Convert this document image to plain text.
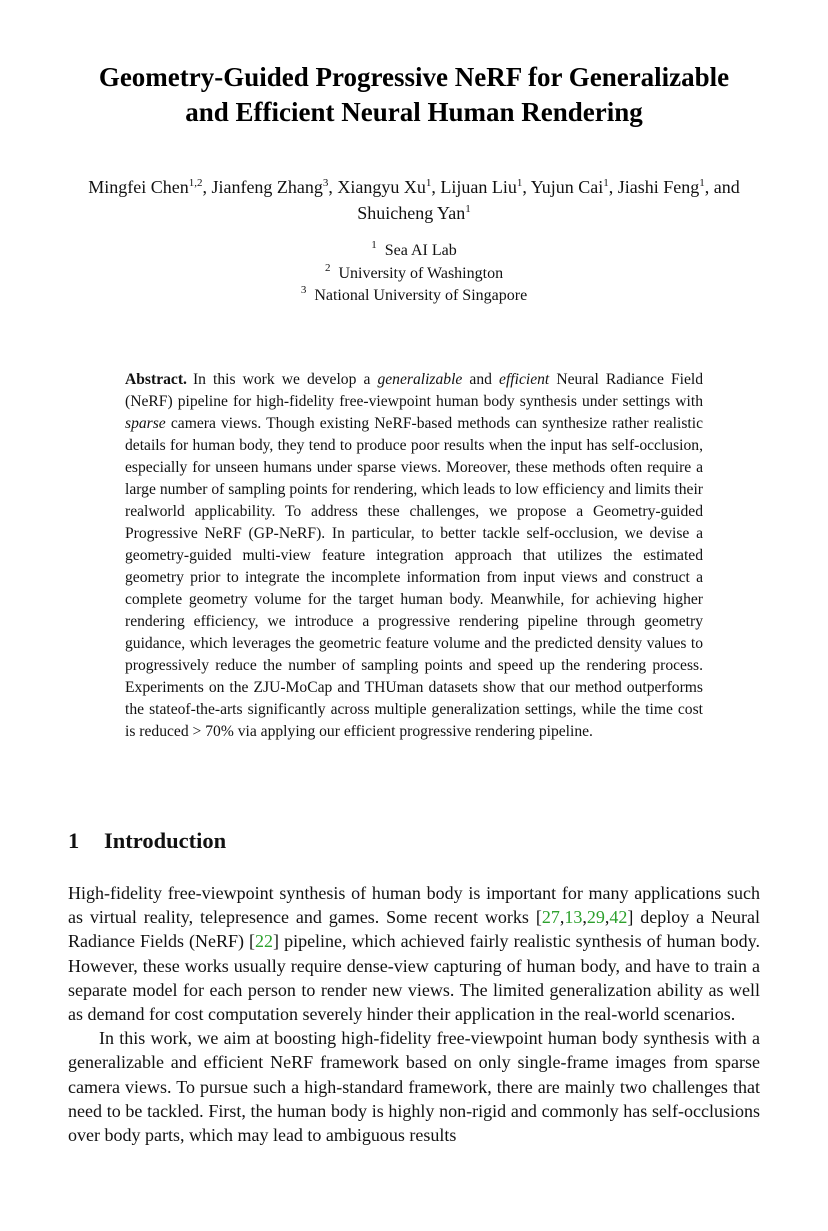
Geometry-Guided Progressive NeRF for Generalizable
and Efficient Neural Human Rendering
Mingfei Chen$^{1,2}$, Jianfeng Zhang$^3$, Xiangyu Xu$^1$, Lijuan Liu$^1$, Yujun Cai$^1$, Jiashi Feng$^1$, and Shuicheng Yan$^1$
$^1$ Sea AI Lab
$^2$ University of Washington
$^3$ National University of Singapore
Abstract. In this work we develop a generalizable and efficient Neural Radiance Field (NeRF) pipeline for high-fidelity free-viewpoint human body synthesis under settings with sparse camera views. Though existing NeRF-based methods can synthesize rather realistic details for human body, they tend to produce poor results when the input has self-occlusion, especially for unseen humans under sparse views. Moreover, these methods often require a large number of sampling points for rendering, which leads to low efficiency and limits their realworld applicability. To address these challenges, we propose a Geometry-guided Progressive NeRF (GP-NeRF). In particular, to better tackle self-occlusion, we devise a geometry-guided multi-view feature integration approach that utilizes the estimated geometry prior to integrate the incomplete information from input views and construct a complete geometry volume for the target human body. Meanwhile, for achieving higher rendering efficiency, we introduce a progressive rendering pipeline through geometry guidance, which leverages the geometric feature volume and the predicted density values to progressively reduce the number of sampling points and speed up the rendering process. Experiments on the ZJU-MoCap and THUman datasets show that our method outperforms the stateof-the-arts significantly across multiple generalization settings, while the time cost is reduced > 70% via applying our efficient progressive rendering pipeline.
1 Introduction

High-fidelity free-viewpoint synthesis of human body is important for many applications such as virtual reality, telepresence and games. Some recent works [27,13,29,42] deploy a Neural Radiance Fields (NeRF) [22] pipeline, which achieved fairly realistic synthesis of human body. However, these works usually require dense-view capturing of human body, and have to train a separate model for each person to render new views. The limited generalization ability as well as demand for cost computation severely hinder their application in the real-world scenarios.

In this work, we aim at boosting high-fidelity free-viewpoint human body synthesis with a generalizable and efficient NeRF framework based on only single-frame images from sparse camera views. To pursue such a high-standard framework, there are mainly two challenges that need to be tackled. First, the human body is highly non-rigid and commonly has self-occlusions over body parts, which may lead to ambiguous results
